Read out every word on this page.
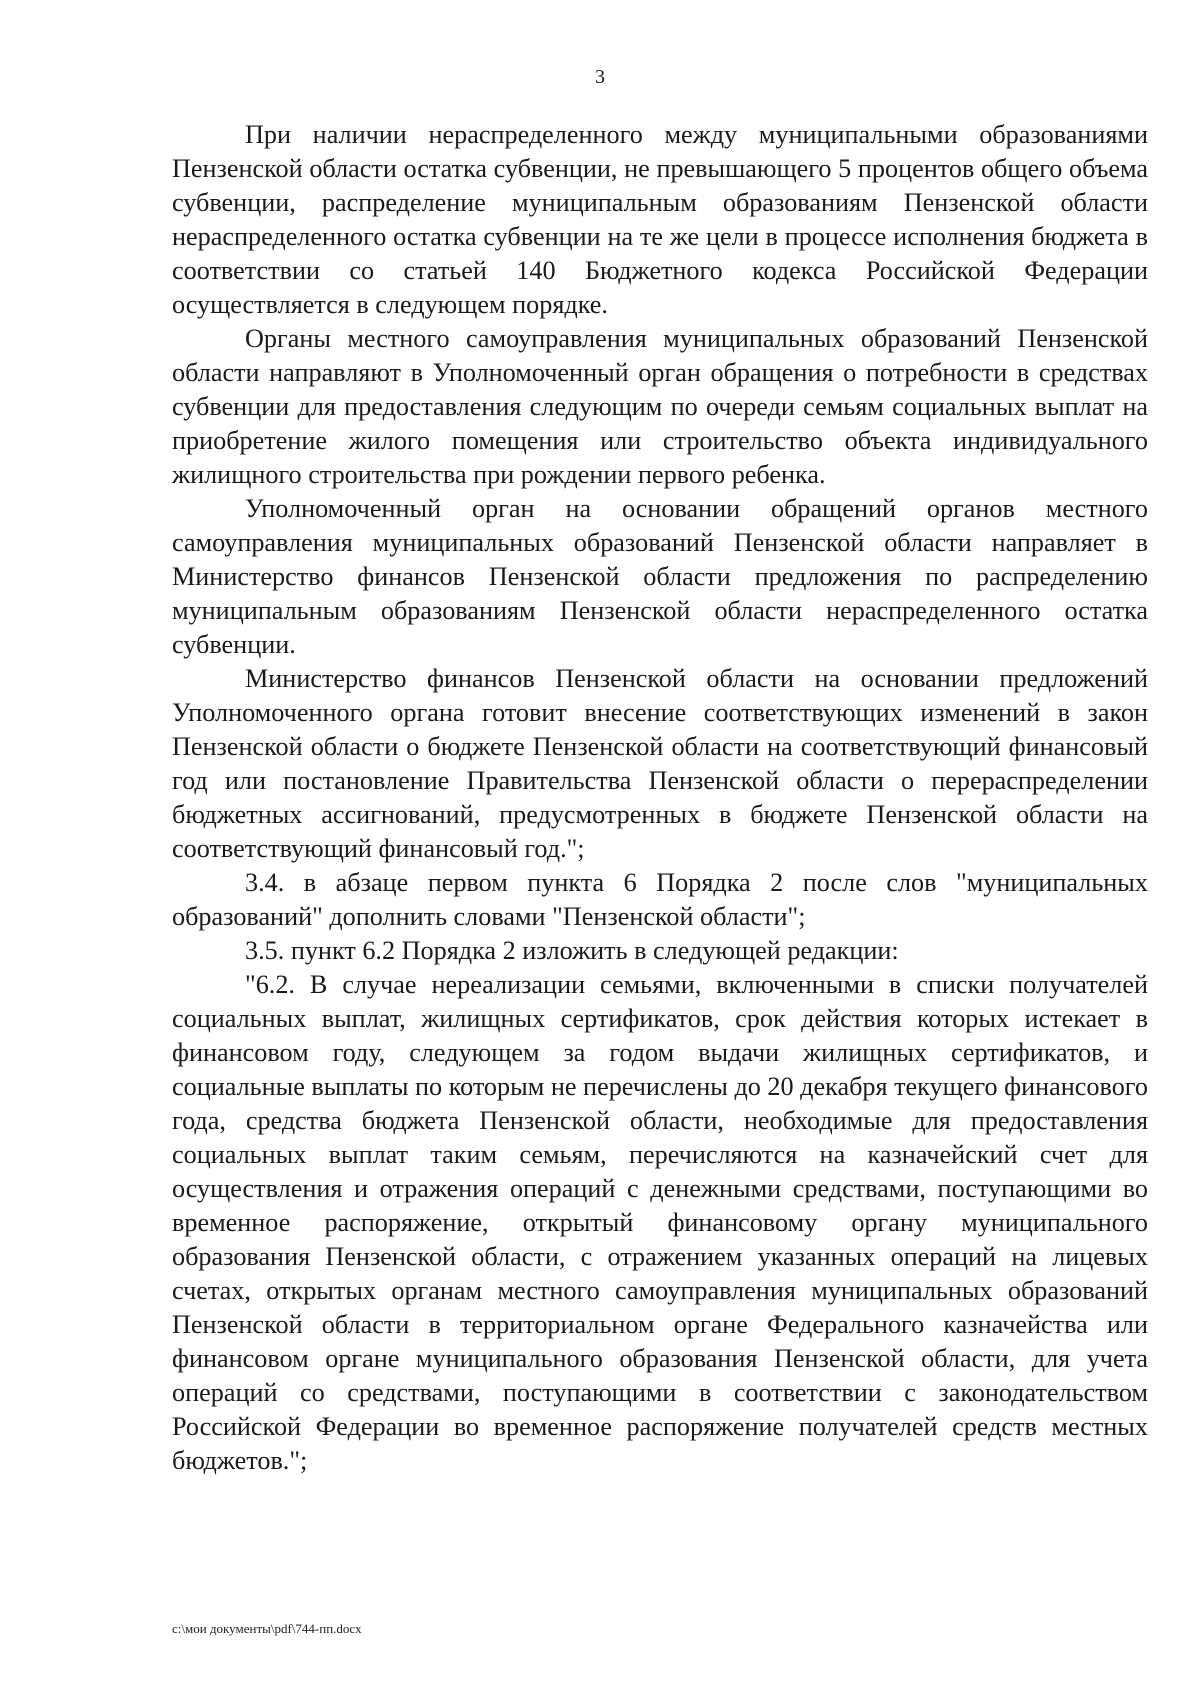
3

При наличии нераспределенного между муниципальными образованиями Пензенской области остатка субвенции, не превышающего 5 процентов общего объема субвенции, распределение муниципальным образованиям Пензенской области нераспределенного остатка субвенции на те же цели в процессе исполнения бюджета в соответствии со статьей 140 Бюджетного кодекса Российской Федерации осуществляется в следующем порядке.

Органы местного самоуправления муниципальных образований Пензенской области направляют в Уполномоченный орган обращения о потребности в средствах субвенции для предоставления следующим по очереди семьям социальных выплат на приобретение жилого помещения или строительство объекта индивидуального жилищного строительства при рождении первого ребенка.

Уполномоченный орган на основании обращений органов местного самоуправления муниципальных образований Пензенской области направляет в Министерство финансов Пензенской области предложения по распределению муниципальным образованиям Пензенской области нераспределенного остатка субвенции.

Министерство финансов Пензенской области на основании предложений Уполномоченного органа готовит внесение соответствующих изменений в закон Пензенской области о бюджете Пензенской области на соответствующий финансовый год или постановление Правительства Пензенской области о перераспределении бюджетных ассигнований, предусмотренных в бюджете Пензенской области на соответствующий финансовый год.";

3.4. в абзаце первом пункта 6 Порядка 2 после слов "муниципальных образований" дополнить словами "Пензенской области";

3.5. пункт 6.2 Порядка 2 изложить в следующей редакции:

"6.2. В случае нереализации семьями, включенными в списки получателей социальных выплат, жилищных сертификатов, срок действия которых истекает в финансовом году, следующем за годом выдачи жилищных сертификатов, и социальные выплаты по которым не перечислены до 20 декабря текущего финансового года, средства бюджета Пензенской области, необходимые для предоставления социальных выплат таким семьям, перечисляются на казначейский счет для осуществления и отражения операций с денежными средствами, поступающими во временное распоряжение, открытый финансовому органу муниципального образования Пензенской области, с отражением указанных операций на лицевых счетах, открытых органам местного самоуправления муниципальных образований Пензенской области в территориальном органе Федерального казначейства или финансовом органе муниципального образования Пензенской области, для учета операций со средствами, поступающими в соответствии с законодательством Российской Федерации во временное распоряжение получателей средств местных бюджетов.";

c:\мои документы\pdf\744-пп.docx
